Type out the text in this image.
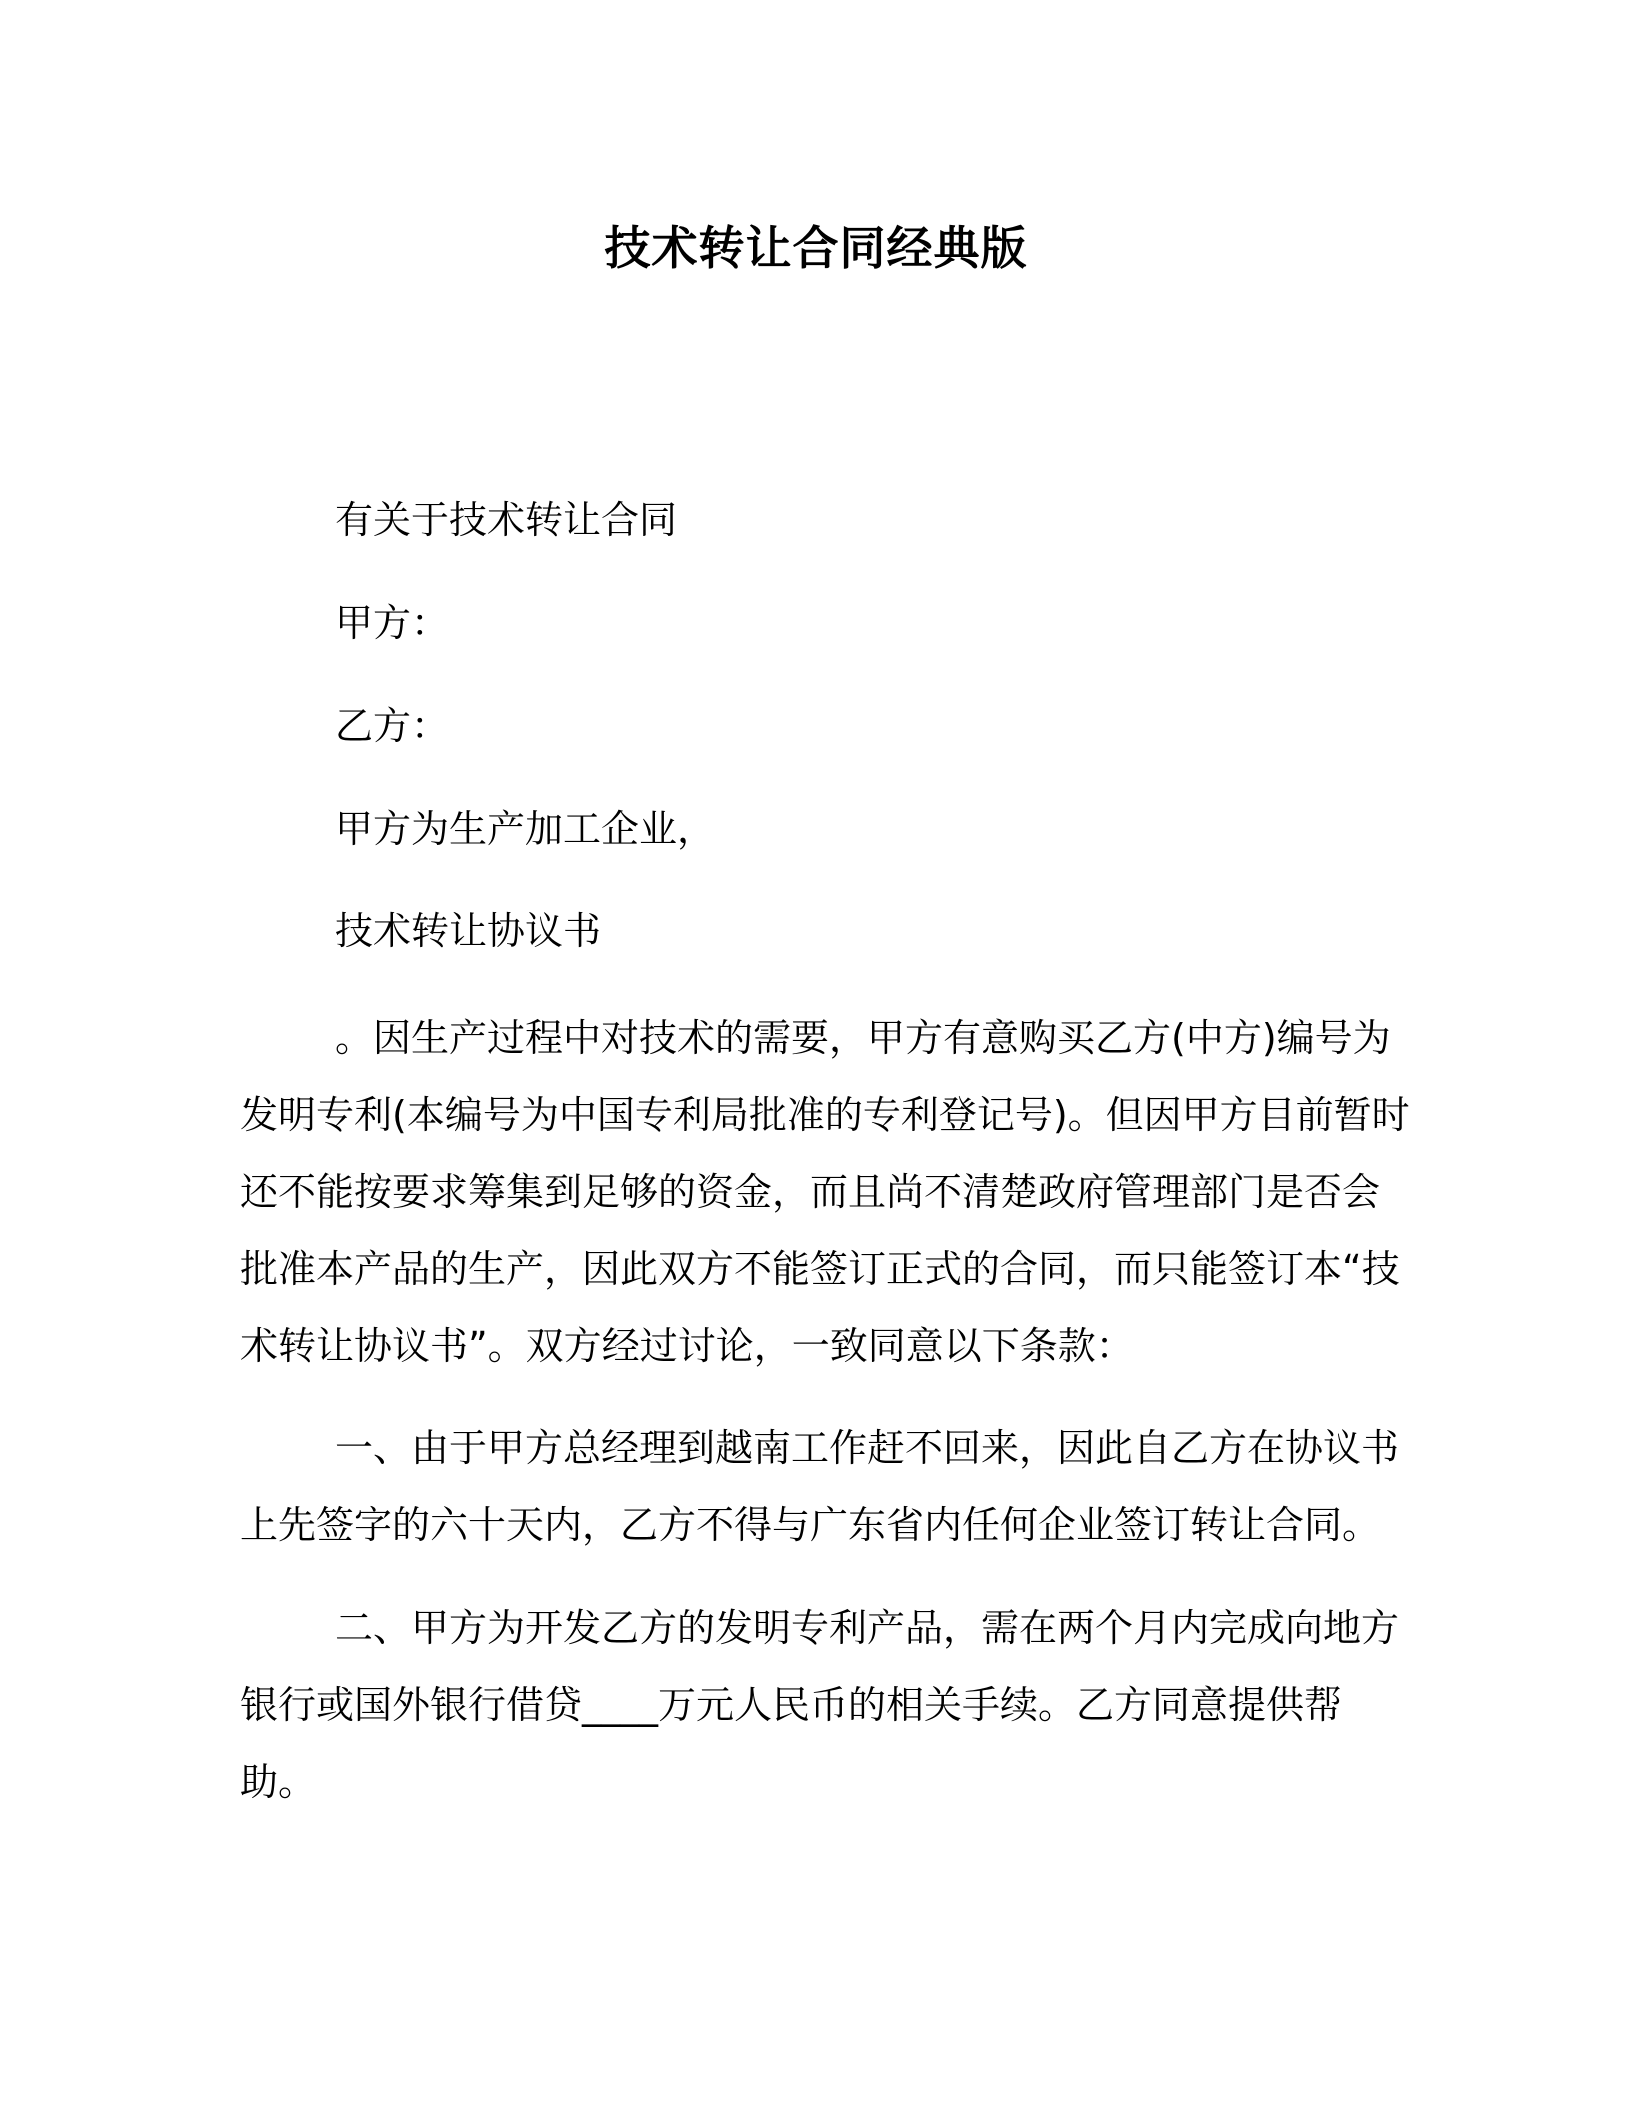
技术转让合同经典版
有关于技术转让合同
甲方：
乙方：
甲方为生产加工企业，
技术转让协议书

。因生产过程中对技术的需要，甲方有意购买乙方(中方)编号为发明专利(本编号为中国专利局批准的专利登记号)。但因甲方目前暂时还不能按要求筹集到足够的资金，而且尚不清楚政府管理部门是否会批准本产品的生产，因此双方不能签订正式的合同，而只能签订本“技术转让协议书”。双方经过讨论，一致同意以下条款：

一、由于甲方总经理到越南工作赶不回来，因此自乙方在协议书上先签字的六十天内，乙方不得与广东省内任何企业签订转让合同。

二、甲方为开发乙方的发明专利产品，需在两个月内完成向地方银行或国外银行借贷____万元人民币的相关手续。乙方同意提供帮助。
